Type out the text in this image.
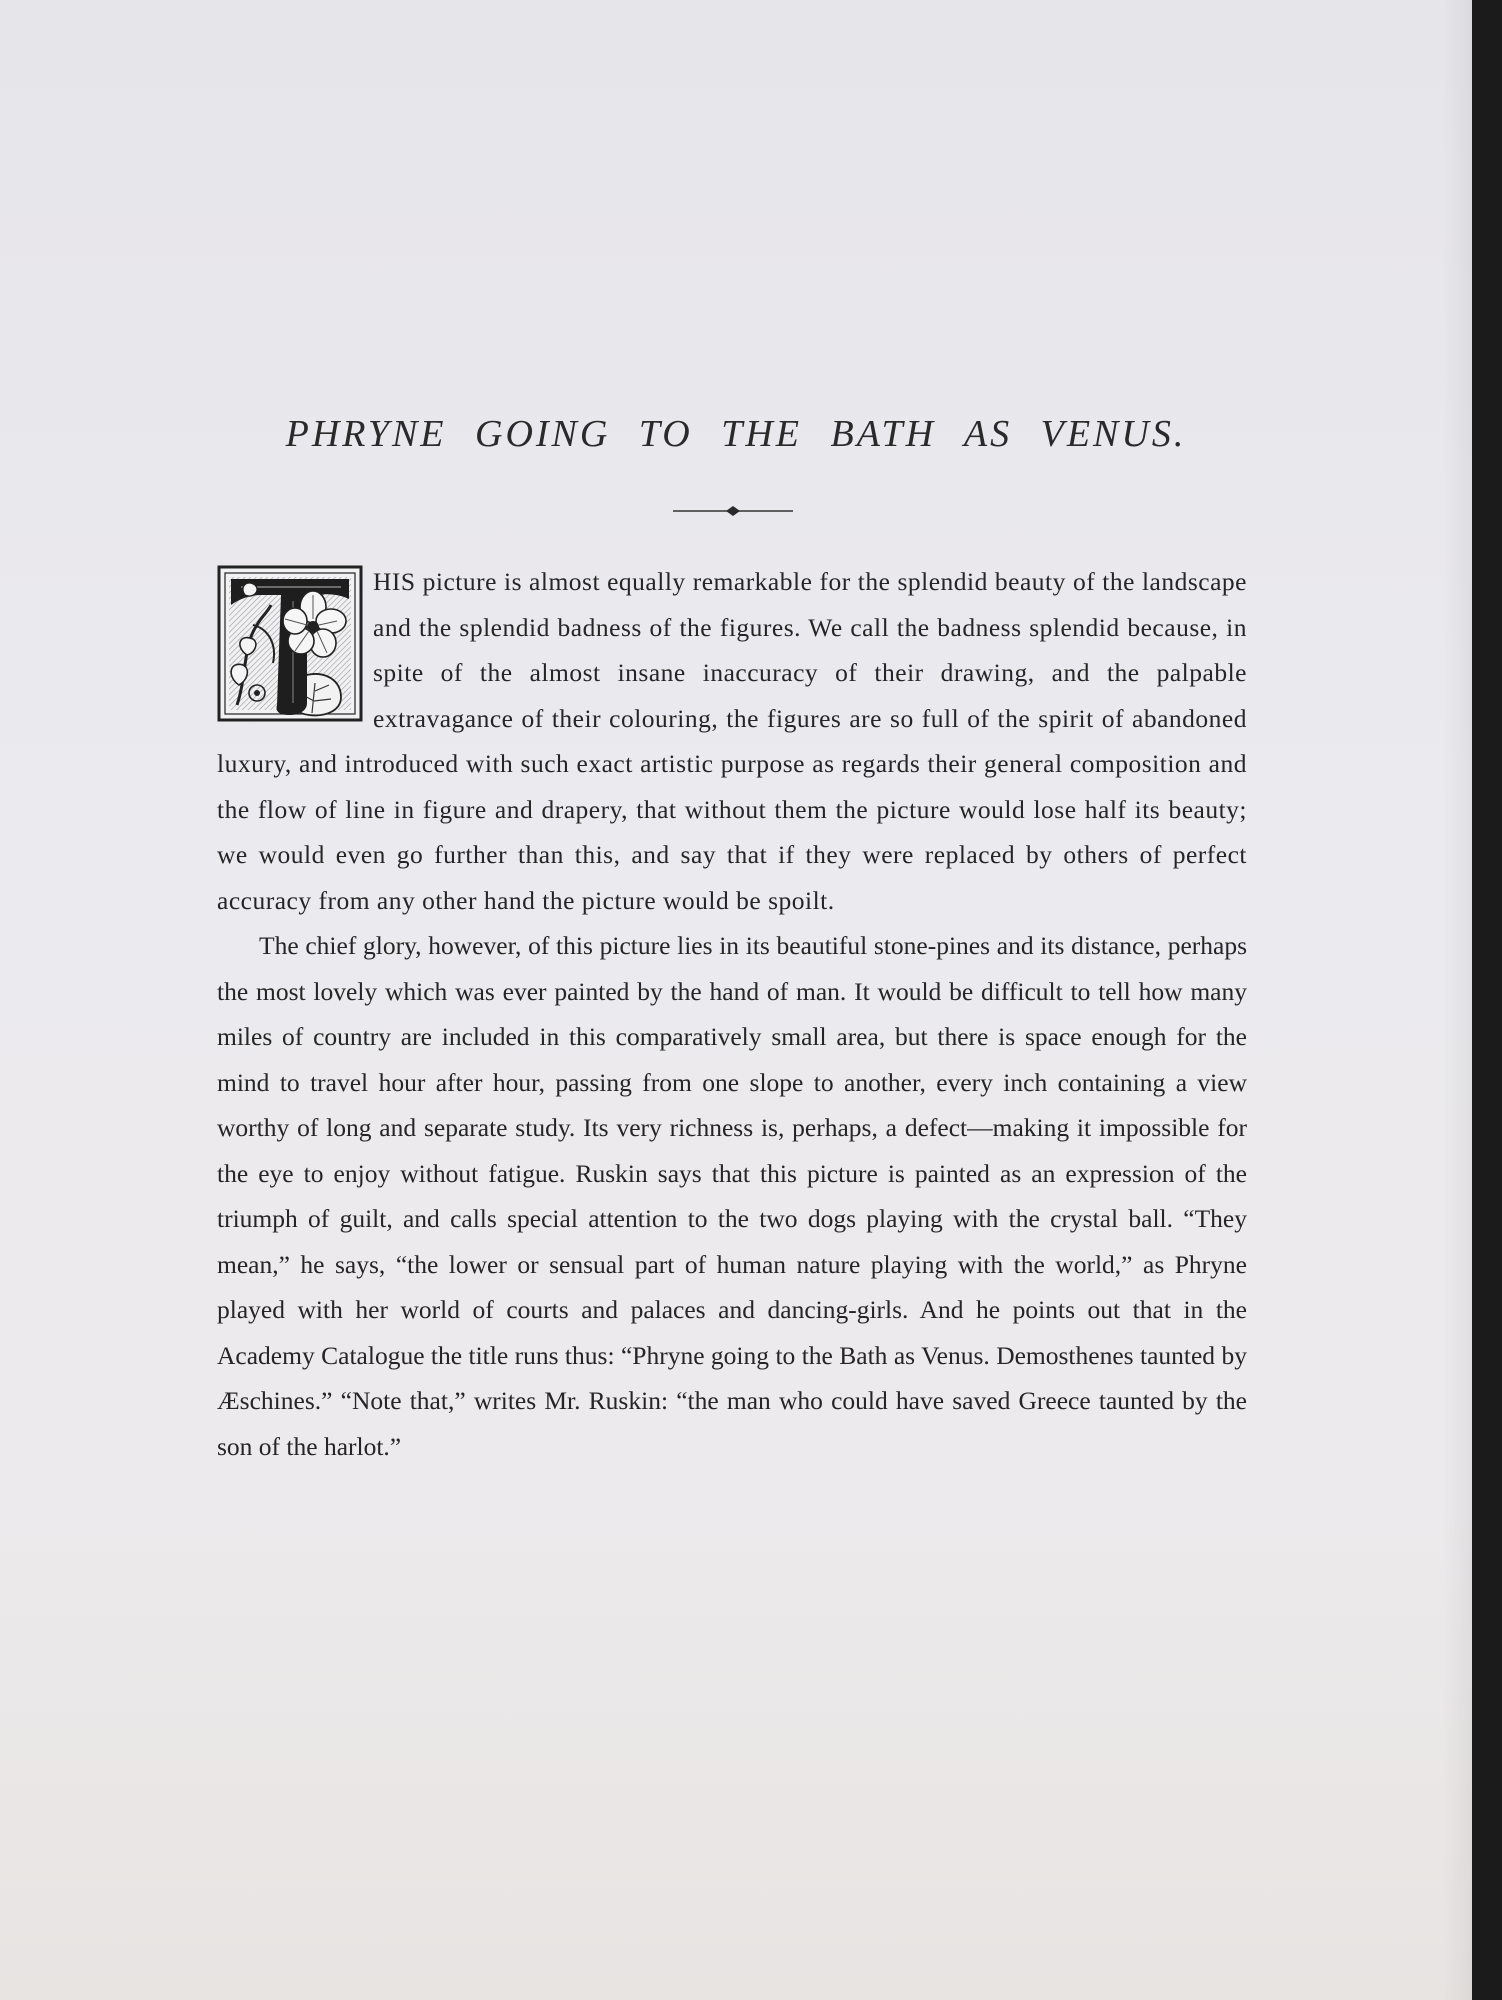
PHRYNE GOING TO THE BATH AS VENUS.

HIS picture is almost equally remarkable for the splendid beauty of the landscape and the splendid badness of the figures. We call the badness splendid because, in spite of the almost insane inaccuracy of their drawing, and the palpable extravagance of their colouring, the figures are so full of the spirit of abandoned luxury, and introduced with such exact artistic purpose as regards their general composition and the flow of line in figure and drapery, that without them the picture would lose half its beauty; we would even go further than this, and say that if they were replaced by others of perfect accuracy from any other hand the picture would be spoilt.

The chief glory, however, of this picture lies in its beautiful stone-pines and its distance, perhaps the most lovely which was ever painted by the hand of man. It would be difficult to tell how many miles of country are included in this comparatively small area, but there is space enough for the mind to travel hour after hour, passing from one slope to another, every inch containing a view worthy of long and separate study. Its very richness is, perhaps, a defect—making it impossible for the eye to enjoy without fatigue. Ruskin says that this picture is painted as an expression of the triumph of guilt, and calls special attention to the two dogs playing with the crystal ball. “They mean,” he says, “the lower or sensual part of human nature playing with the world,” as Phryne played with her world of courts and palaces and dancing-girls. And he points out that in the Academy Catalogue the title runs thus: “Phryne going to the Bath as Venus. Demosthenes taunted by Æschines.” “Note that,” writes Mr. Ruskin: “the man who could have saved Greece taunted by the son of the harlot.”
